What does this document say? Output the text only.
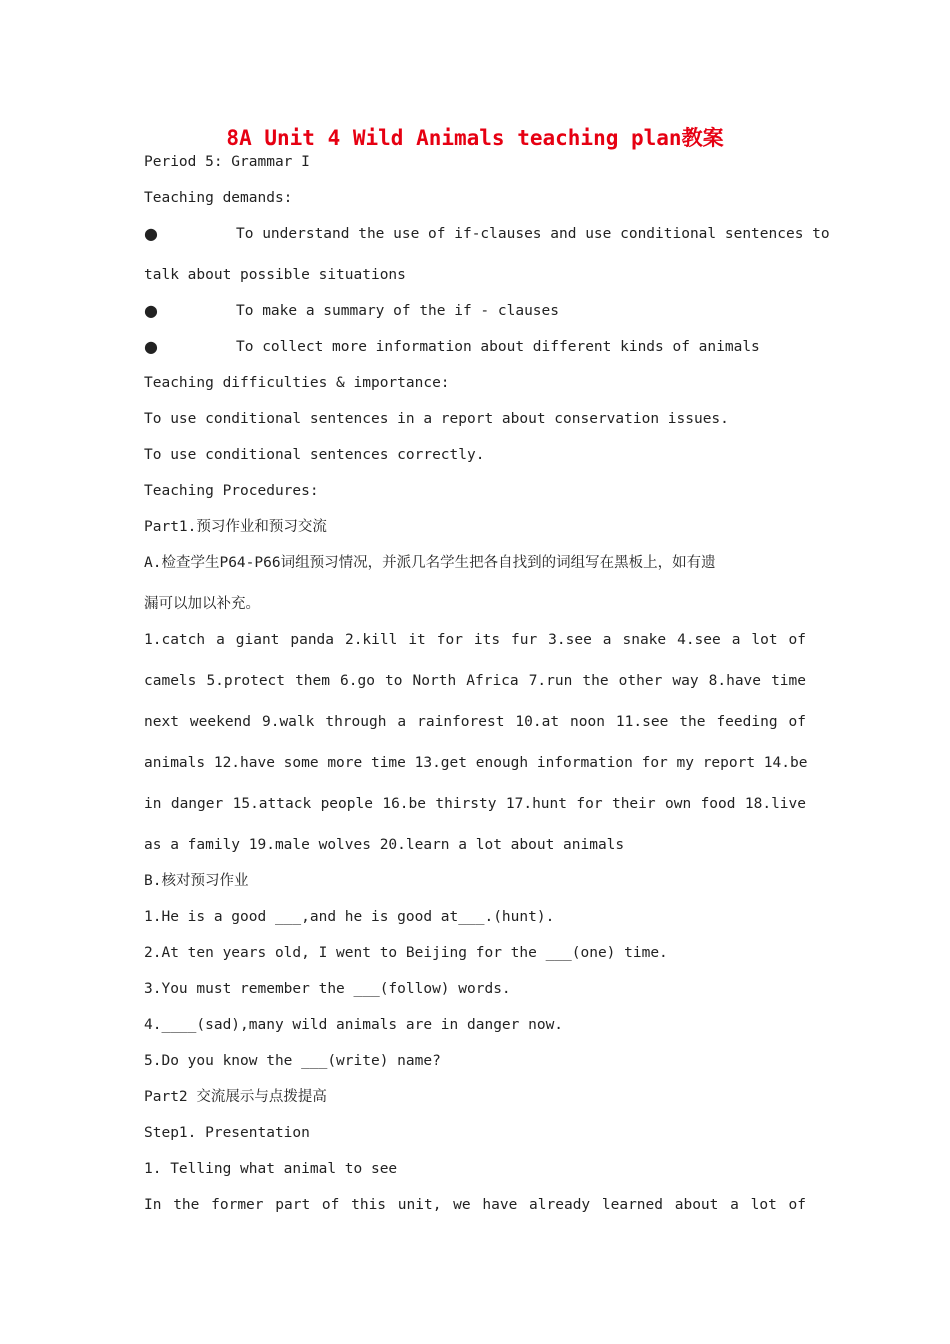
8A Unit 4 Wild Animals teaching plan教案
Period 5: Grammar I
Teaching demands:
●	To understand the use of if-clauses and use conditional sentences to
talk about possible situations
●	To make a summary of the if - clauses
●	To collect more information about different kinds of animals
Teaching difficulties & importance:
To use conditional sentences in a report about conservation issues.
To use conditional sentences correctly.
Teaching Procedures:
Part1.预习作业和预习交流
A.检查学生P64-P66词组预习情况，并派几名学生把各自找到的词组写在黑板上，如有遗
漏可以加以补充。
1.catch a giant panda 2.kill it for its fur 3.see a snake 4.see a lot of
camels 5.protect them 6.go to North Africa 7.run the other way 8.have time
next weekend 9.walk through a rainforest 10.at noon 11.see the feeding of
animals 12.have some more time 13.get enough information for my report 14.be
in danger 15.attack people 16.be thirsty 17.hunt for their own food 18.live
as a family 19.male wolves 20.learn a lot about animals
B.核对预习作业
1.He is a good ___,and he is good at___.(hunt).
2.At ten years old, I went to Beijing for the ___(one) time.
3.You must remember the ___(follow) words.
4.____(sad),many wild animals are in danger now.
5.Do you know the ___(write) name?
Part2 交流展示与点拨提高
Step1. Presentation
1. Telling what animal to see
In the former part of this unit, we have already learned about a lot of
